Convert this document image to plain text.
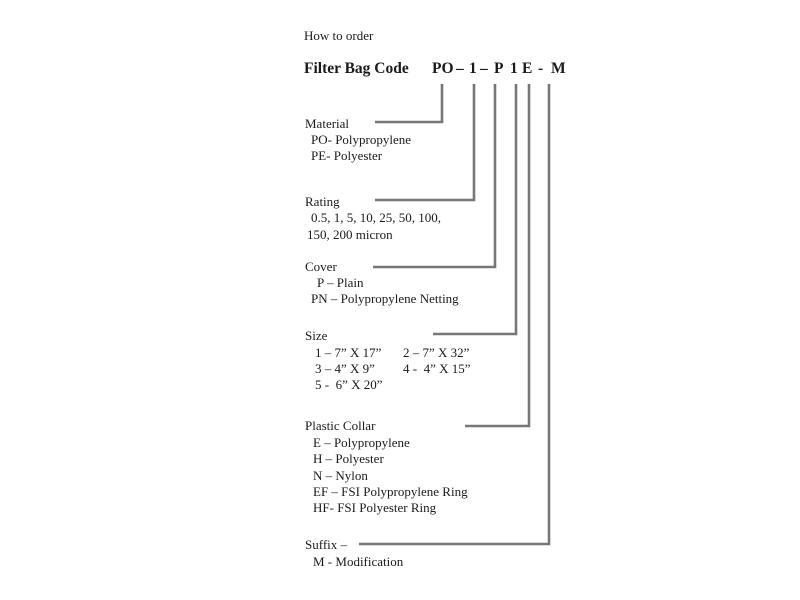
How to order
Filter Bag Code PO – 1 – P 1 E - M
Material
PO- Polypropylene
PE- Polyester
Rating
0.5, 1, 5, 10, 25, 50, 100,
150, 200 micron
Cover
P – Plain
PN – Polypropylene Netting
Size
1 – 7” X 17” 2 – 7” X 32”
3 – 4” X 9” 4 -  4” X 15”
5 -  6” X 20”
Plastic Collar
E – Polypropylene
H – Polyester
N – Nylon
EF – FSI Polypropylene Ring
HF- FSI Polyester Ring
Suffix –
M - Modification
